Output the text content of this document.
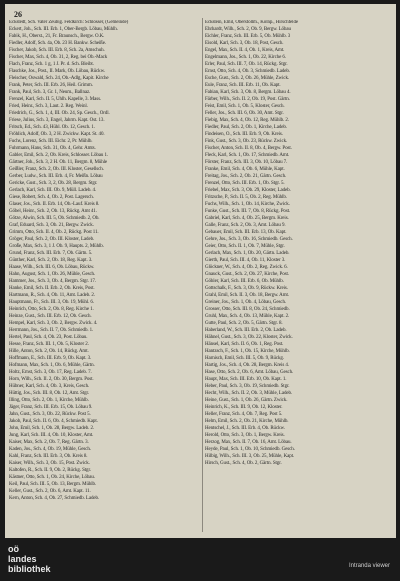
26
Eckstedt, Sch. Vater Zeubig. Feldkirch: Schlosser, (Gemeinde)
Eckert, Joh., Sch. III. Erb. 1, Ober-Bergb. Löbau, Mühlh.
Fabik, H., Oberst., 21, Fr. Braunsch., Bergw. O.K.
Fiedler, Adolf, Sch. 4a, Ob. 23 H. Bankw. Scheiße.
Fischer, Jakob, Sch. III. Erb. 8, Sch. 2a, Amschuh.
Fischer, Max, Sch. 4, Ob. 31, 2, Reg. bei Ob.-Mack
Flach, Franz, Sch. 1 g, 1 J. Pr. d. Sch. Bleibt.
Flaschke, Jos., Post., II. Mark, Ob. Löbau, Rückw.
Fleischer, Oswald, Sch. 24, Ob.-Adlg, Kapit. Kirche
Frank, Peter, Sch. III. Erb. 26, Heil. Grimm.
Frank, Paul, Sch. 3, Gr. 1, Neum., Ballnaz.
Frenzel, Karl, Sch. II. 5, Uhlh. Kapelle, 3. Mass.
Fried, Heinr., Sch. 3, Laut. 2. Reg. Weinl.
Friedrich, G., Sch. 1, 4, III. Ob. 24, Sp. Gesch., Ordl.
Friese, Julius, Sch. 3, Engel, Jahrm. Kapt. Ost. 13.
Fritsch, Ed., Sch. 43, Hühl. Ob. 12, Gesch. 1.
Fröhlich, Adolf, Ob. 3, 2 H. Zwickw. Kapt. St. 40.
Fuchs, Lorenz, Sch. III. Eichr. 2, Pr. Mühlb.
Fuhrmann, Hans, Sch. 31, Ob. 4, Gehr. Amts.
Gabler, Emil, Sch. 2, Ob. Kreis, Schlosser. Löbau 1.
Gärtner, Joh., Sch. 3, 2 H. Ob. 11, Bergm. 8, Mühle
Geißler, Franz, Sch. 2, Ob. III. Kloster, Gesellsch.
Gerber, Ludw., Sch. III. Erb. 4, Fr. Meißn. Löbau
Gericke, Gust., Sch. 3, 2, Ob. 28, Bergm. Stgr.
Gerlach, Karl, Sch. III. Ob. 9, Müll. Ladeb. 4.
Giese, Robert, Sch. 4, Ob. 2, Post. Lagersch.
Glaser, Jos., Sch. II. Erb. 14, Ob.-Lauf. Kreis 8.
Göbel, Heinr., Sch. 2, Ob. 13, Rückg. Amt 41.
Götze, Alwin, Sch. III. 5, Ob. Schmiedb. 2, Ob.
Graf, Eduard, Sch. 3, Ob. 21, Bergw. Zwick.
Grimm, Otto, Sch. II. 4, Ob. 2, Rückg. Post 11.
Gröger, Paul, Sch. 2, Ob. III. Kloster, Ladeb.
Große, Max, Sch. 3, 1 J. Ob. 9, Haupts. 2, Mühlb.
Grund, Franz, Sch. III. Erb. 7, Ob. Gärtn. 5.
Günther, Karl, Sch. 2, Ob. 18, Reg. Kapt. 3.
Haase, Wilh., Sch. III. 6, Ob. Löbau, Rückw.
Hahn, August, Sch. 1, Ob. 26, Mühle, Gesch.
Hammer, Jos., Sch. 3, Ob. 4, Bergm. Stgr. 17.
Hanke, Emil, Sch. II. Erb. 2, Ob. Kreis, Post.
Hartmann, R., Sch. 4, Ob. 11, Amt. Ladeb. 2.
Hauptmann, Fr., Sch. III. 3, Ob. 19, Mühl. 6.
Heinrich, Otto, Sch. 2, Ob. 8, Reg. Kirche 1.
Heinze, Gust., Sch. III. Erb. 12, Ob. Gesch.
Hempel, Karl, Sch. 3, Ob. 2, Bergw. Zwick. 4.
Herrmann, Jos., Sch. II. 7, Ob. Schmiedb. 1.
Hertel, Paul, Sch. 4, Ob. 23, Post. Löbau.
Hesse, Franz, Sch. III. 1, Ob. 5, Kloster 2.
Hille, Anton, Sch. 2, Ob. 14, Rückg. Amt.
Hoffmann, E., Sch. III. Erb. 9, Ob. Kapt. 3.
Hofmann, Max, Sch. 1, Ob. 6, Mühle, Gärtn.
Holtz, Ernst, Sch. 3, Ob. 17, Reg. Ladeb. 7.
Horn, Wilh., Sch. II. 2, Ob. 30, Bergm. Post.
Hübner, Karl, Sch. 4, Ob. 3, Kreis, Gesch.
Hüttig, Jos., Sch. III. 8, Ob. 12, Amt. Stgr.
Illing, Otto, Sch. 2, Ob. 1, Kirche, Mühlb.
Jäger, Franz, Sch. III. Erb. 15, Ob. Löbau 9.
Jahn, Gust., Sch. 3, Ob. 22, Rückw. Post 5.
Jakob, Paul, Sch. II. 6, Ob. 4, Schmiedb. Kapt.
John, Emil, Sch. 1, Ob. 28, Bergw. Ladeb. 2.
Jung, Karl, Sch. III. 4, Ob. 10, Kloster, Amt.
Kaiser, Max, Sch. 2, Ob. 7, Reg. Gärtn. 3.
Kaden, Jos., Sch. 4, Ob. 19, Mühle, Gesch.
Kahl, Franz, Sch. III. Erb. 3, Ob. Kreis 8.
Kaiser, Wilh., Sch. 3, Ob. 15, Post. Zwick.
Kaltofen, R., Sch. II. 9, Ob. 2, Rückg. Stgr.
Kästner, Otto, Sch. 1, Ob. 24, Kirche, Löbau.
Keil, Paul, Sch. III. 5, Ob. 13, Bergm. Mühlb.
Keller, Gust., Sch. 2, Ob. 6, Amt. Kapt. 11.
Kern, Anton, Sch. 4, Ob. 27, Schmiedb. Ladeb.
Eckstein, Emil, Oberstollm., Kolnp., Hirschfelde
Ehrhardt, Wilh., Sch. 2, Ob. 9, Bergw. Löbau
Eichler, Franz, Sch. III. Erb. 5, Ob. Mühlb. 3
Eisold, Karl, Sch. 3, Ob. 18, Post, Gesch.
Engel, Max, Sch. II. 4, Ob. 1, Kreis, Amt.
Engelmann, Jos., Sch. 1, Ob. 22, Kirche 6.
Erler, Paul, Sch. III. 7, Ob. 14, Rückg. Stgr.
Ernst, Otto, Sch. 4, Ob. 3, Schmiedb. Ladeb.
Esche, Gust., Sch. 2, Ob. 26, Mühle, Zwick.
Eule, Franz, Sch. III. Erb. 11, Ob. Kapt.
Fabian, Karl, Sch. 3, Ob. 8, Bergm. Löbau 4.
Färber, Wilh., Sch. II. 2, Ob. 19, Post. Gärtn.
Feist, Emil, Sch. 1, Ob. 5, Kloster, Gesch.
Feller, Jos., Sch. III. 6, Ob. 30, Amt. Stgr.
Fiebig, Max, Sch. 4, Ob. 12, Reg. Mühlb. 2.
Fiedler, Paul, Sch. 2, Ob. 1, Kirche, Ladeb.
Findeisen, O., Sch. III. Erb. 9, Ob. Kreis.
Fink, Gust., Sch. 3, Ob. 23, Rückw. Zwick.
Fischer, Anton, Sch. II. 8, Ob. 4, Bergw. Post.
Fleck, Karl, Sch. 1, Ob. 17, Schmiedb. Amt.
Förster, Franz, Sch. III. 3, Ob. 10, Löbau 7.
Franke, Emil, Sch. 4, Ob. 6, Mühle, Kapt.
Freitag, Jos., Sch. 2, Ob. 21, Gärtn. Gesch.
Frenzel, Otto, Sch. III. Erb. 1, Ob. Stgr. 5.
Friebel, Max, Sch. 3, Ob. 29, Kloster, Ladeb.
Fritzsche, P., Sch. II. 5, Ob. 2, Reg. Mühlb.
Fuchs, Wilh., Sch. 1, Ob. 14, Kirche, Zwick.
Funke, Gust., Sch. III. 7, Ob. 8, Rückg. Post.
Gabriel, Karl, Sch. 4, Ob. 25, Bergm. Kreis.
Galle, Franz, Sch. 2, Ob. 3, Amt. Löbau 9.
Gebauer, Emil, Sch. III. Erb. 13, Ob. Kapt.
Gehre, Jos., Sch. 3, Ob. 16, Schmiedb. Gesch.
Geier, Otto, Sch. II. 1, Ob. 7, Mühle, Stgr.
Gerlach, Max, Sch. 1, Ob. 20, Gärtn. Ladeb.
Gierth, Paul, Sch. III. 4, Ob. 11, Kloster 3.
Glöckner, W., Sch. 4, Ob. 2, Reg. Zwick. 6.
Gnauck, Gust., Sch. 2, Ob. 27, Kirche, Post.
Göhler, Karl, Sch. III. Erb. 6, Ob. Mühlb.
Gottschalk, F., Sch. 3, Ob. 9, Rückw. Kreis.
Grahl, Emil, Sch. II. 3, Ob. 18, Bergw. Amt.
Greiner, Jos., Sch. 1, Ob. 4, Löbau, Gesch.
Grosser, Otto, Sch. III. 8, Ob. 24, Schmiedb.
Gruhl, Max, Sch. 4, Ob. 13, Mühle, Kapt. 2.
Gutte, Paul, Sch. 2, Ob. 5, Gärtn. Stgr. 8.
Haberland, W., Sch. III. Erb. 2, Ob. Ladeb.
Hähnel, Gust., Sch. 3, Ob. 22, Kloster, Zwick.
Hänsel, Karl, Sch. II. 6, Ob. 1, Reg. Post.
Hantzsch, F., Sch. 1, Ob. 15, Kirche, Mühlb.
Harnisch, Emil, Sch. III. 5, Ob. 9, Rückg.
Hartig, Jos., Sch. 4, Ob. 28, Bergm. Kreis 4.
Hase, Otto, Sch. 2, Ob. 6, Amt. Löbau, Gesch.
Haupt, Max, Sch. III. Erb. 10, Ob. Kapt. 1.
Heber, Paul, Sch. 3, Ob. 19, Schmiedb. Stgr.
Hecht, Wilh., Sch. II. 2, Ob. 3, Mühle, Ladeb.
Heine, Gust., Sch. 1, Ob. 26, Gärtn. Zwick.
Heinrich, K., Sch. III. 9, Ob. 12, Kloster.
Heller, Franz, Sch. 4, Ob. 7, Reg. Post 5.
Helm, Emil, Sch. 2, Ob. 21, Kirche, Mühlb.
Hentschel, J., Sch. III. Erb. 4, Ob. Rückw.
Herold, Otto, Sch. 3, Ob. 1, Bergw. Kreis.
Herzog, Max, Sch. II. 7, Ob. 16, Amt. Löbau.
Heyde, Paul, Sch. 1, Ob. 10, Schmiedb. Gesch.
Hilbig, Wilh., Sch. III. 3, Ob. 25, Mühle, Kapt.
Hirsch, Gust., Sch. 4, Ob. 2, Gärtn. Stgr.
oö
landes
bibliothek	Intranda viewer
